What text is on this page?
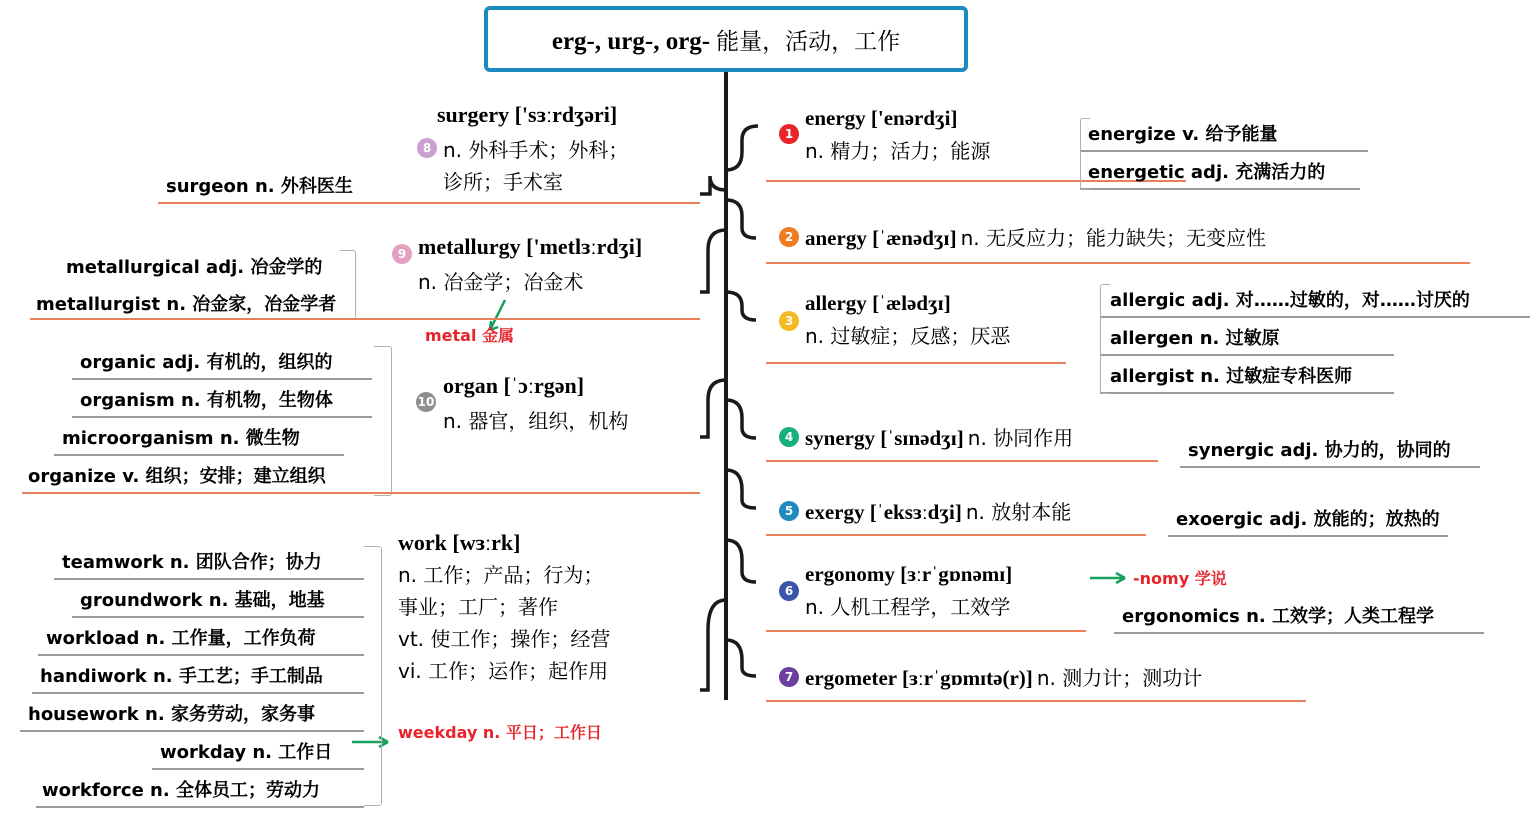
erg-, urg-, org- 能量，活动，工作
1
energy ['enərdʒi]
n. 精力；活力；能源
energize v. 给予能量
energetic adj. 充满活力的
2 anergy [ˈænədʒɪ] n. 无反应力；能力缺失；无变应性
3
allergy [ˈælədʒɪ]
n. 过敏症；反感；厌恶
allergic adj. 对……过敏的，对……讨厌的
allergen n. 过敏原
allergist n. 过敏症专科医师
4 synergy [ˈsɪnədʒɪ] n. 协同作用
synergic adj. 协力的，协同的
5 exergy [ˈeksɜːdʒi] n. 放射本能	exoergic adj. 放能的；放热的
6
ergonomy [ɜːrˈgɒnəmɪ]
n. 人机工程学，工效学
-nomy 学说
ergonomics n. 工效学；人类工程学
7 ergometer [ɜːrˈgɒmɪtə(r)] n. 测力计；测功计
surgery ['sɜːrdʒəri]
8 n. 外科手术；外科；
诊所；手术室
surgeon n. 外科医生
9 metallurgy ['metlɜːrdʒi]
n. 冶金学；冶金术
metal 金属
metallurgical adj. 冶金学的
metallurgist n. 冶金家，冶金学者
10
organ [ˈɔːrgən]
n. 器官，组织，机构
organic adj. 有机的，组织的
organism n. 有机物，生物体
microorganism n. 微生物
organize v. 组织；安排；建立组织
work [wɜːrk]
n. 工作；产品；行为；
事业；工厂；著作
vt. 使工作；操作；经营
vi. 工作；运作；起作用
weekday n. 平日；工作日
teamwork n. 团队合作；协力
groundwork n. 基础，地基
workload n. 工作量，工作负荷
handiwork n. 手工艺；手工制品
housework n. 家务劳动，家务事
workday n. 工作日
workforce n. 全体员工；劳动力
